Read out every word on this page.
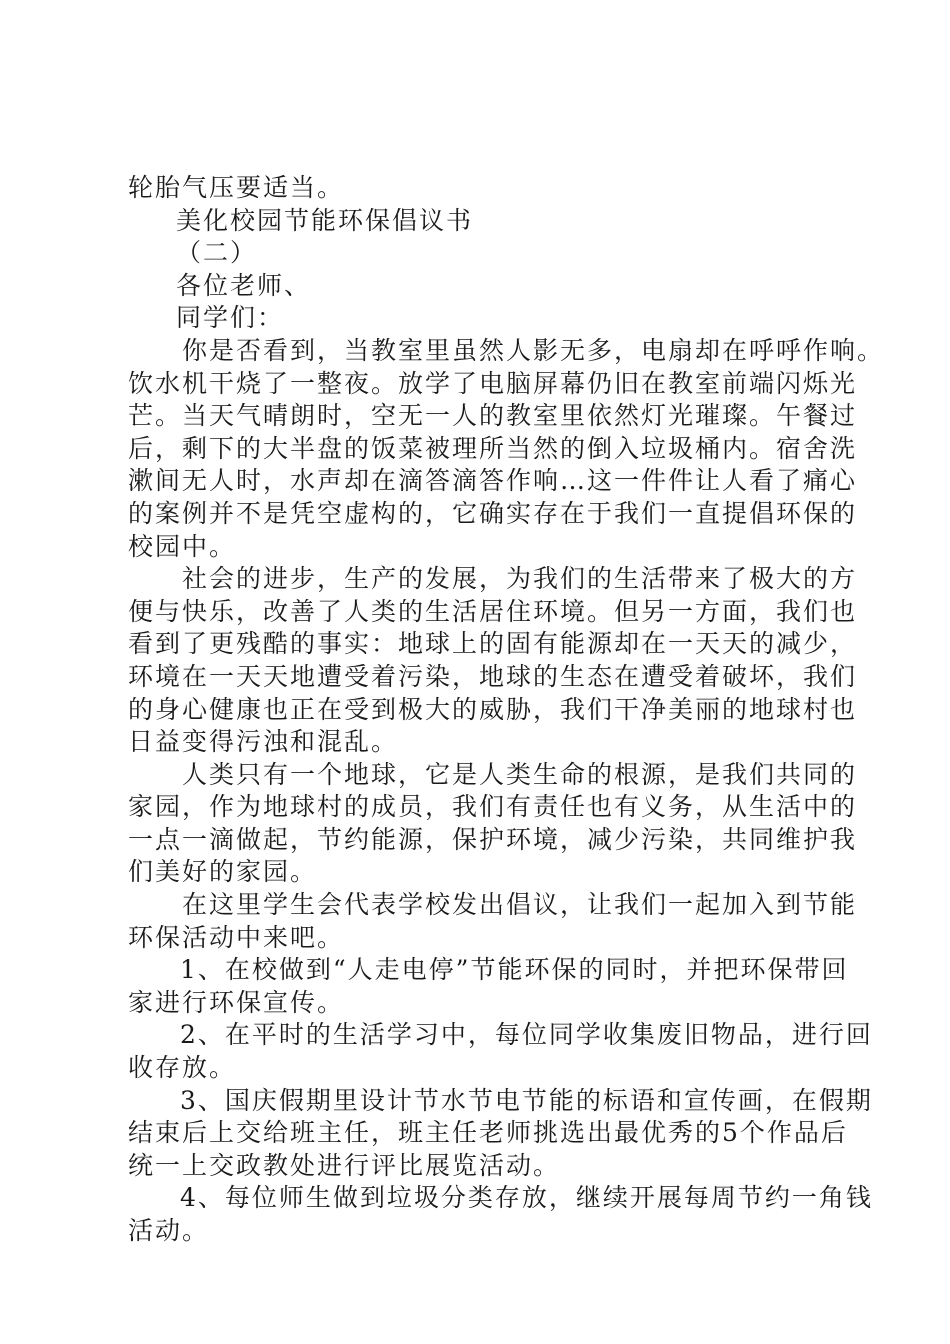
轮胎气压要适当。
美化校园节能环保倡议书
（二）
各位老师、
同学们：
你是否看到，当教室里虽然人影无多，电扇却在呼呼作响。
饮水机干烧了一整夜。放学了电脑屏幕仍旧在教室前端闪烁光
芒。当天气晴朗时，空无一人的教室里依然灯光璀璨。午餐过
后，剩下的大半盘的饭菜被理所当然的倒入垃圾桶内。宿舍洗
漱间无人时，水声却在滴答滴答作响…这一件件让人看了痛心
的案例并不是凭空虚构的，它确实存在于我们一直提倡环保的
校园中。
社会的进步，生产的发展，为我们的生活带来了极大的方
便与快乐，改善了人类的生活居住环境。但另一方面，我们也
看到了更残酷的事实：地球上的固有能源却在一天天的减少，
环境在一天天地遭受着污染，地球的生态在遭受着破坏，我们
的身心健康也正在受到极大的威胁，我们干净美丽的地球村也
日益变得污浊和混乱。
人类只有一个地球，它是人类生命的根源，是我们共同的
家园，作为地球村的成员，我们有责任也有义务，从生活中的
一点一滴做起，节约能源，保护环境，减少污染，共同维护我
们美好的家园。
在这里学生会代表学校发出倡议，让我们一起加入到节能
环保活动中来吧。
1、在校做到“人走电停”节能环保的同时，并把环保带回
家进行环保宣传。
2、在平时的生活学习中，每位同学收集废旧物品，进行回
收存放。
3、国庆假期里设计节水节电节能的标语和宣传画，在假期
结束后上交给班主任，班主任老师挑选出最优秀的5个作品后
统一上交政教处进行评比展览活动。
4、每位师生做到垃圾分类存放，继续开展每周节约一角钱
活动。
